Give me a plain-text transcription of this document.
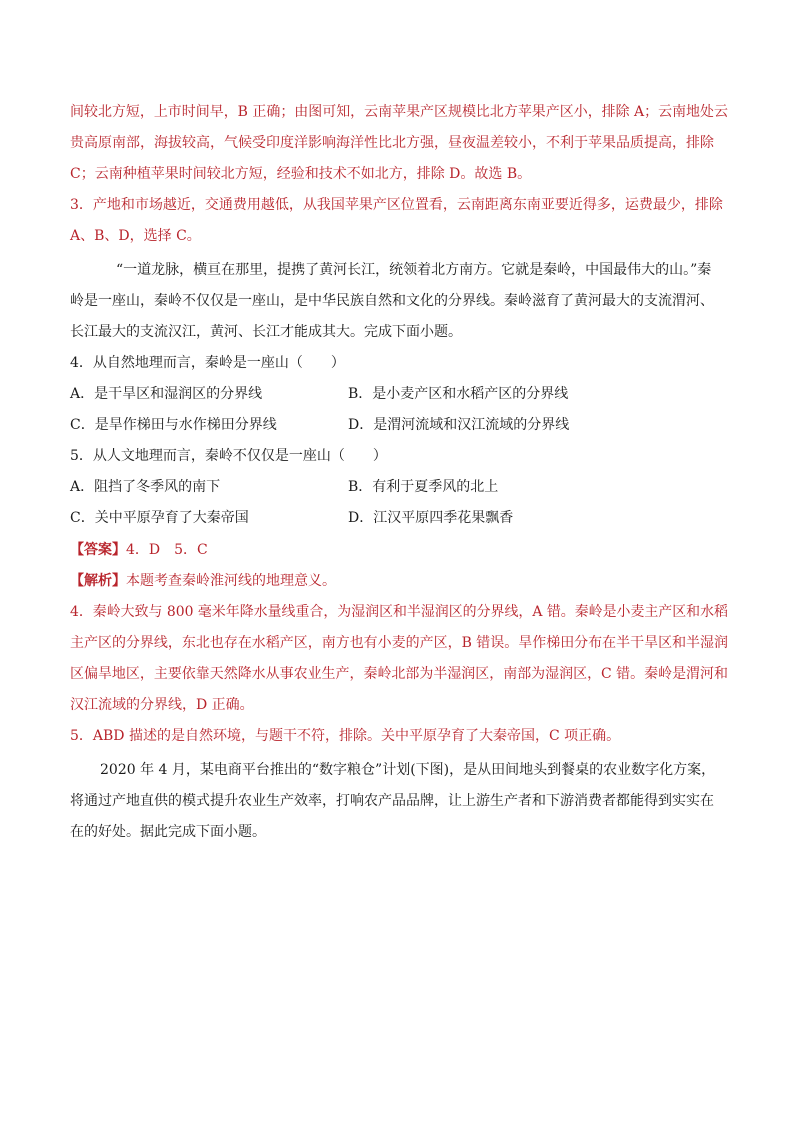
间较北方短，上市时间早，B 正确；由图可知，云南苹果产区规模比北方苹果产区小，排除 A；云南地处云
贵高原南部，海拔较高，气候受印度洋影响海洋性比北方强，昼夜温差较小，不利于苹果品质提高，排除
C；云南种植苹果时间较北方短，经验和技术不如北方，排除 D。故选 B。
3．产地和市场越近，交通费用越低，从我国苹果产区位置看，云南距离东南亚要近得多，运费最少，排除
A、B、D，选择 C。
“一道龙脉，横亘在那里，提携了黄河长江，统领着北方南方。它就是秦岭，中国最伟大的山。”秦
岭是一座山，秦岭不仅仅是一座山，是中华民族自然和文化的分界线。秦岭滋育了黄河最大的支流渭河、
长江最大的支流汉江，黄河、长江才能成其大。完成下面小题。
4．从自然地理而言，秦岭是一座山（　　）
A．是干旱区和湿润区的分界线	B．是小麦产区和水稻产区的分界线
C．是旱作梯田与水作梯田分界线	D．是渭河流域和汉江流域的分界线
5．从人文地理而言，秦岭不仅仅是一座山（　　）
A．阻挡了冬季风的南下	B．有利于夏季风的北上
C．关中平原孕育了大秦帝国	D．江汉平原四季花果飘香
【答案】4．D　5．C
【解析】本题考查秦岭淮河线的地理意义。
4．秦岭大致与 800 毫米年降水量线重合，为湿润区和半湿润区的分界线，A 错。秦岭是小麦主产区和水稻
主产区的分界线，东北也存在水稻产区，南方也有小麦的产区，B 错误。旱作梯田分布在半干旱区和半湿润
区偏旱地区，主要依靠天然降水从事农业生产，秦岭北部为半湿润区，南部为湿润区，C 错。秦岭是渭河和
汉江流域的分界线，D 正确。
5．ABD 描述的是自然环境，与题干不符，排除。关中平原孕育了大秦帝国，C 项正确。
2020 年 4 月，某电商平台推出的“数字粮仓”计划(下图)，是从田间地头到餐桌的农业数字化方案，
将通过产地直供的模式提升农业生产效率，打响农产品品牌，让上游生产者和下游消费者都能得到实实在
在的好处。据此完成下面小题。
